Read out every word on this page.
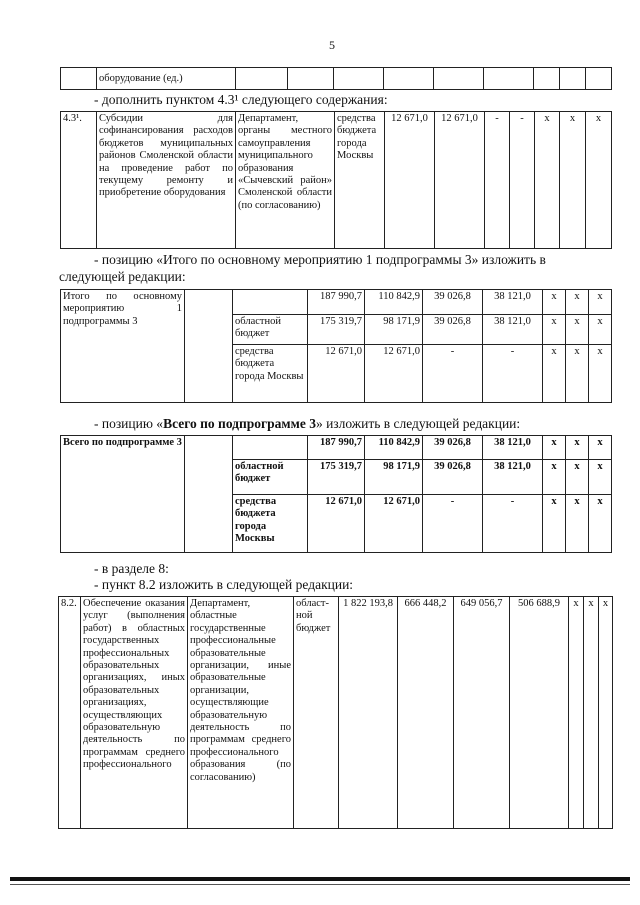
5
	оборудование (ед.)									
- дополнить пунктом 4.3¹ следующего содержания:
4.3¹.	Субсидии для софинансирования расходов бюджетов муниципальных районов Смоленской области на проведение работ по текущему ремонту и приобретение оборудования	Департамент, органы местного самоуправления муниципального образования «Сычевский район» Смоленской области (по согласованию)	средства бюджета города Москвы	12 671,0	12 671,0	-	-	x	x	x
- позицию «Итого по основному мероприятию 1 подпрограммы 3» изложить в
следующей редакции:
Итого по основному мероприятию 1 подпрограммы 3			187 990,7	110 842,9	39 026,8	38 121,0	x	x	x
		областной бюджет	175 319,7	98 171,9	39 026,8	38 121,0	x	x	x
		средства бюджета города Москвы	12 671,0	12 671,0	-	-	x	x	x
- позицию «Всего по подпрограмме 3» изложить в следующей редакции:
Всего по подпрограмме 3			187 990,7	110 842,9	39 026,8	38 121,0	x	x	x
		областной бюджет	175 319,7	98 171,9	39 026,8	38 121,0	x	x	x
		средства бюджета города Москвы	12 671,0	12 671,0	-	-	x	x	x
- в разделе 8:
- пункт 8.2 изложить в следующей редакции:
8.2.	Обеспечение оказания услуг (выполнения работ) в областных государственных профессиональных образовательных организациях, иных образовательных организациях, осуществляющих образовательную деятельность по программам среднего профессионального	Департамент, областные государственные профессиональные образовательные организации, иные образовательные организации, осуществляющие образовательную деятельность по программам среднего профессионального образования (по согласованию)	област-ной бюджет	1 822 193,8	666 448,2	649 056,7	506 688,9	x	x	x
